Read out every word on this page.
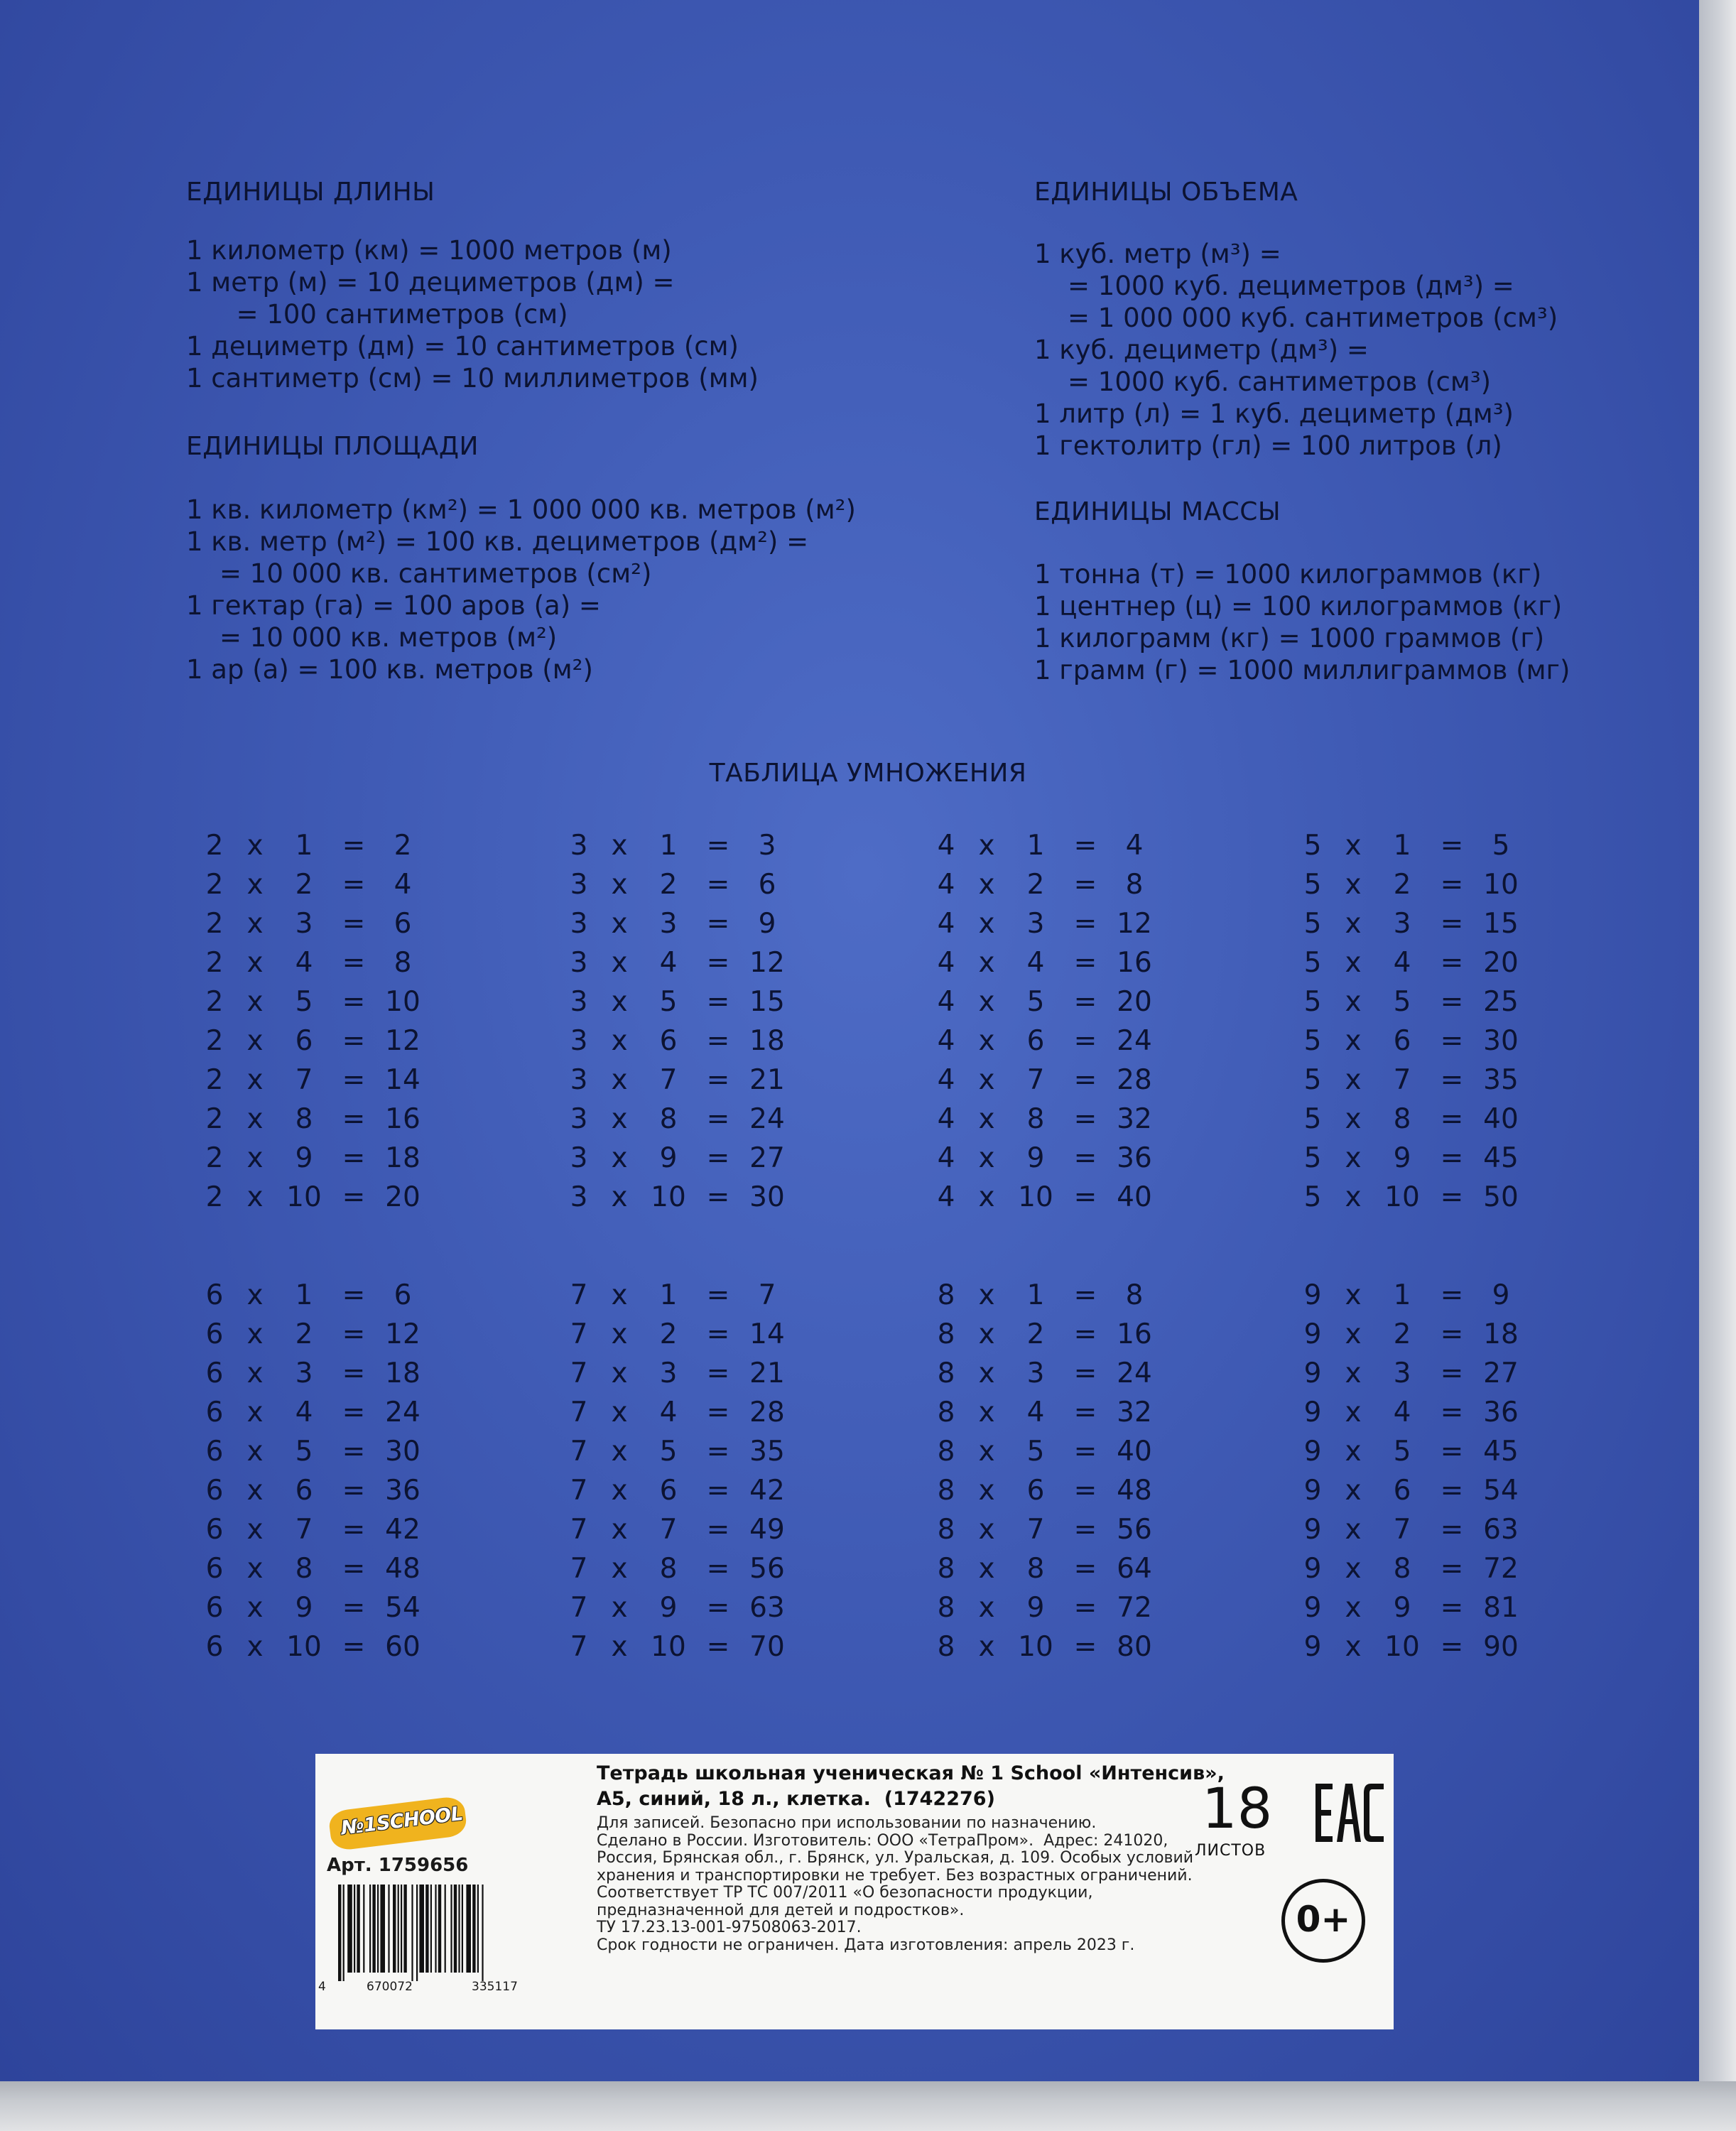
ЕДИНИЦЫ ДЛИНЫ
1 километр (км) = 1000 метров (м)
1 метр (м) = 10 дециметров (дм) =
= 100 сантиметров (см)
1 дециметр (дм) = 10 сантиметров (см)
1 сантиметр (см) = 10 миллиметров (мм)
ЕДИНИЦЫ ПЛОЩАДИ
1 кв. километр (км²) = 1 000 000 кв. метров (м²)
1 кв. метр (м²) = 100 кв. дециметров (дм²) =
= 10 000 кв. сантиметров (см²)
1 гектар (га) = 100 аров (а) =
= 10 000 кв. метров (м²)
1 ар (а) = 100 кв. метров (м²)
ЕДИНИЦЫ ОБЪЕМА
1 куб. метр (м³) =
= 1000 куб. дециметров (дм³) =
= 1 000 000 куб. сантиметров (см³)
1 куб. дециметр (дм³) =
= 1000 куб. сантиметров (см³)
1 литр (л) = 1 куб. дециметр (дм³)
1 гектолитр (гл) = 100 литров (л)
ЕДИНИЦЫ МАССЫ
1 тонна (т) = 1000 килограммов (кг)
1 центнер (ц) = 100 килограммов (кг)
1 килограмм (кг) = 1000 граммов (г)
1 грамм (г) = 1000 миллиграммов (мг)
ТАБЛИЦА УМНОЖЕНИЯ
2 x	1	=	2
2 x	2	=	4
2 x	3	=	6
2 x	4	=	8
2 x	5	= 10
2 x	6	= 12
2 x	7	= 14
2 x	8	= 16
2 x	9	= 18
2 x 10 = 20
3 x	1	=	3
3 x	2	=	6
3 x	3	=	9
3 x	4	= 12
3 x	5	= 15
3 x	6	= 18
3 x	7	= 21
3 x	8	= 24
3 x	9	= 27
3 x 10 = 30
4 x	1	=	4
4 x	2	=	8
4 x	3	= 12
4 x	4	= 16
4 x	5	= 20
4 x	6	= 24
4 x	7	= 28
4 x	8	= 32
4 x	9	= 36
4 x 10 = 40
5 x	1	=	5
5 x	2	= 10
5 x	3	= 15
5 x	4	= 20
5 x	5	= 25
5 x	6	= 30
5 x	7	= 35
5 x	8	= 40
5 x	9	= 45
5 x 10 = 50
6 x	1	=	6
6 x	2	= 12
6 x	3	= 18
6 x	4	= 24
6 x	5	= 30
6 x	6	= 36
6 x	7	= 42
6 x	8	= 48
6 x	9	= 54
6 x 10 = 60
7 x	1	=	7
7 x	2	= 14
7 x	3	= 21
7 x	4	= 28
7 x	5	= 35
7 x	6	= 42
7 x	7	= 49
7 x	8	= 56
7 x	9	= 63
7 x 10 = 70
8 x	1	=	8
8 x	2	= 16
8 x	3	= 24
8 x	4	= 32
8 x	5	= 40
8 x	6	= 48
8 x	7	= 56
8 x	8	= 64
8 x	9	= 72
8 x 10 = 80
9 x	1	=	9
9 x	2	= 18
9 x	3	= 27
9 x	4	= 36
9 x	5	= 45
9 x	6	= 54
9 x	7	= 63
9 x	8	= 72
9 x	9	= 81
9 x 10 = 90
№1SCHOOL
Арт. 1759656
4	670072	335117
Тетрадь школьная ученическая № 1 School «Интенсив»,
А5, синий, 18 л., клетка.  (1742276)
Для записей. Безопасно при использовании по назначению.
Сделано в России. Изготовитель: ООО «ТетраПром».  Адрес: 241020,
Россия, Брянская обл., г. Брянск, ул. Уральская, д. 109. Особых условий
хранения и транспортировки не требует. Без возрастных ограничений.
Соответствует ТР ТС 007/2011 «О безопасности продукции,
предназначенной для детей и подростков».
ТУ 17.23.13-001-97508063-2017.
Срок годности не ограничен. Дата изготовления: апрель 2023 г.
18
ЛИСТОВ
0+
